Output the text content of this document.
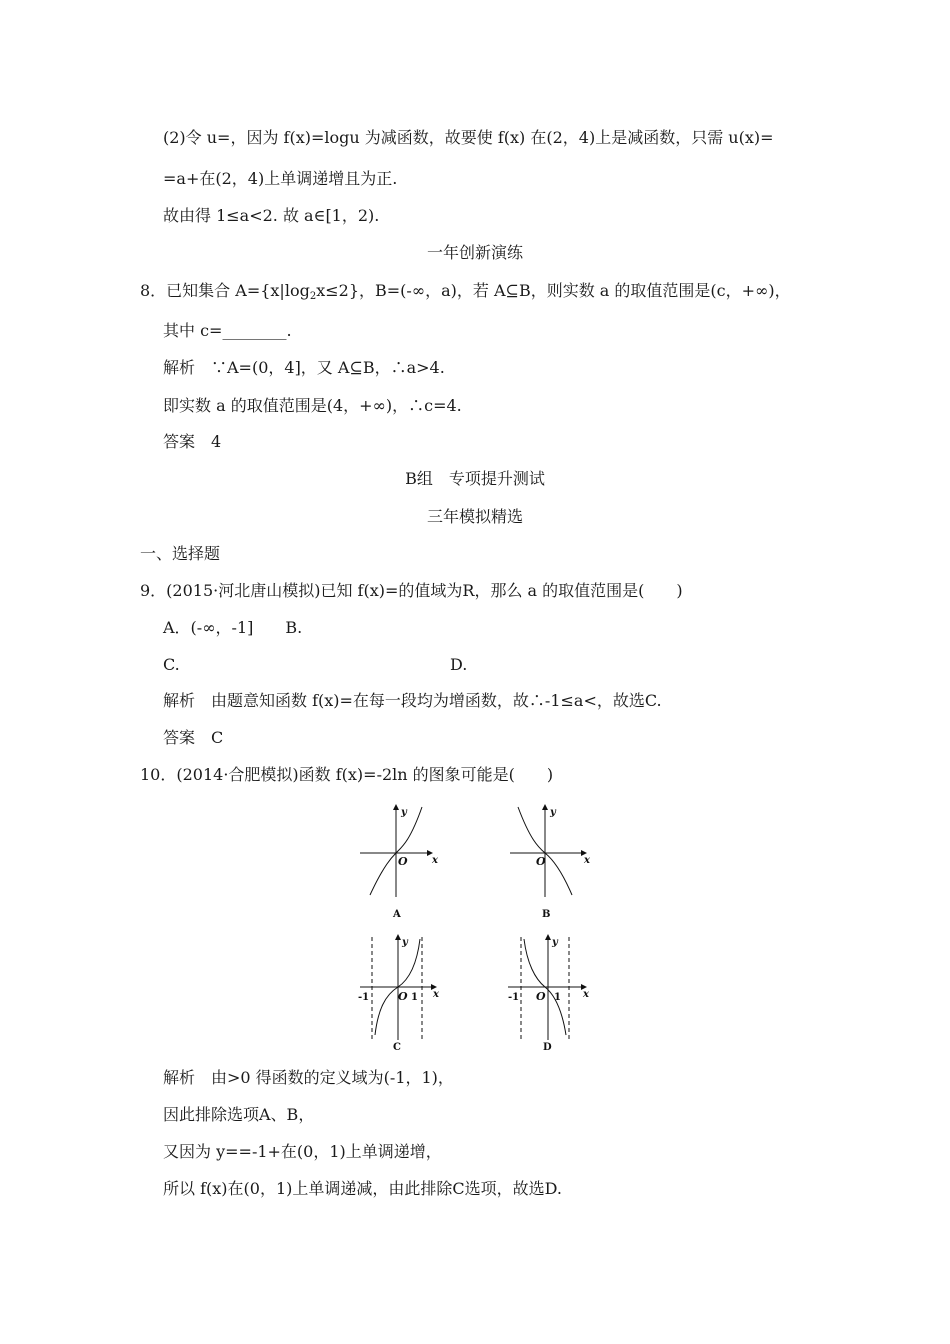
(2)令 u=，因为 f(x)=logu 为减函数，故要使 f(x) 在(2，4)上是减函数，只需 u(x)=
=a+在(2，4)上单调递增且为正.
故由得 1≤a<2. 故 a∈[1，2).
一年创新演练
8．已知集合 $A=\{x|\log_2x\le 2\}$，B=(-∞，a)，若 A⊆B，则实数 a 的取值范围是(c，+∞)，
其中 c=________.
解析　∵A=(0，4]，又 A⊆B，∴a>4.
即实数 a 的取值范围是(4，+∞)，∴c=4.
答案　4
B组　专项提升测试
三年模拟精选
一、选择题
9．(2015·河北唐山模拟)已知 f(x)=的值域为R，那么 a 的取值范围是(　　)
A．(-∞，-1]　　B.
C.	D.
解析　由题意知函数 f(x)=在每一段均为增函数，故∴-1≤a<，故选C.
答案　C
10．(2014·合肥模拟)函数 f(x)=-2ln 的图象可能是(　　)
y
x
O
y
x
O
y
x
O
y
x
O
-1	1	-1	1
A	B
C	D
解析　由>0 得函数的定义域为(-1，1)，
因此排除选项A、B，
又因为 y==-1+在(0，1)上单调递增，
所以 f(x)在(0，1)上单调递减，由此排除C选项，故选D.
